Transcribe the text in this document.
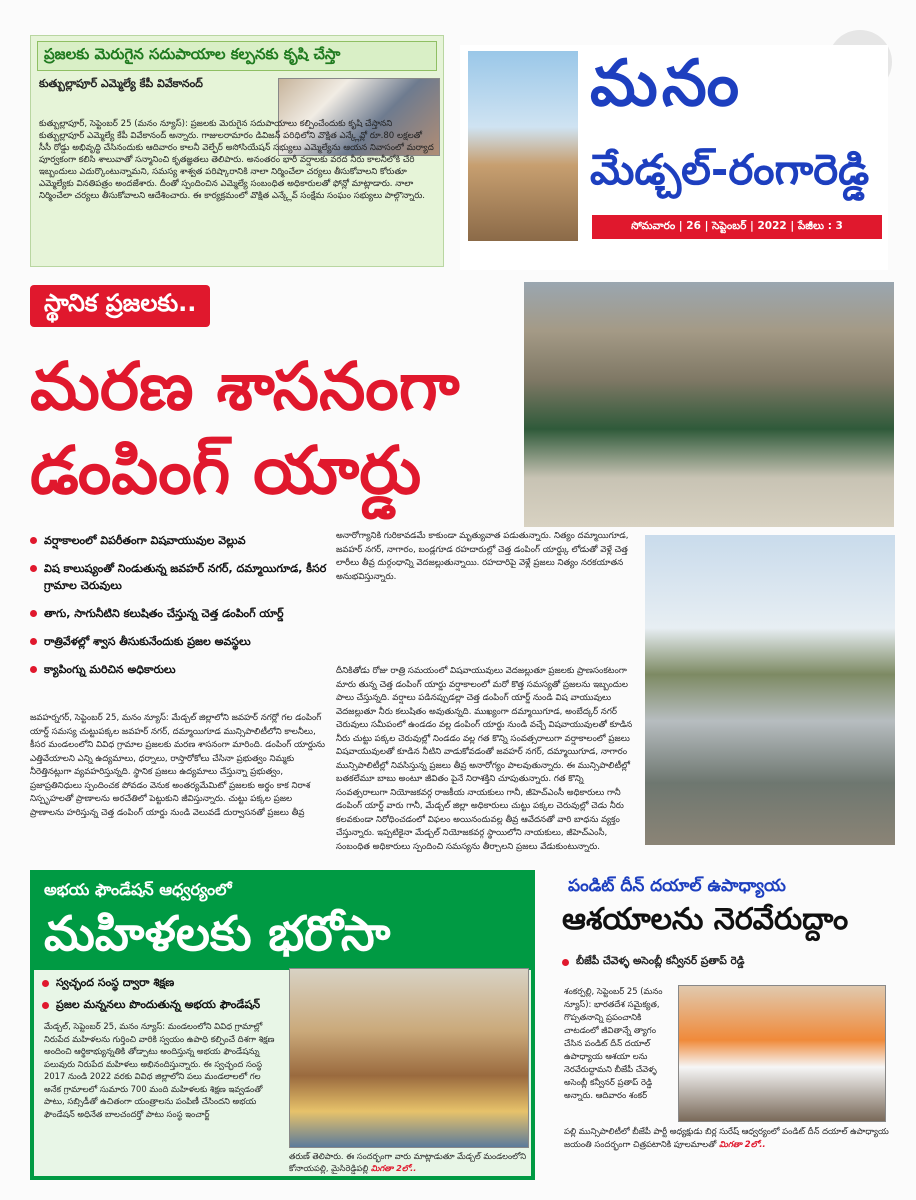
ప్రజలకు మెరుగైన సదుపాయాల కల్పనకు కృషి చేస్తా
కుత్బుల్లాపూర్ ఎమ్మెల్యే కేపీ వివేకానంద్
కుత్బుల్లాపూర్, సెప్టెంబర్ 25 (మనం న్యూస్): ప్రజలకు మెరుగైన సదుపాయాలు కల్పించేందుకు కృషి చేస్తానని కుత్బుల్లాపూర్ ఎమ్మెల్యే కేపీ వివేకానంద్ అన్నారు. గాజులరామారం డివిజన్ పరిధిలోని వొక్షిత ఎన్క్లేవ్లో రూ.80 లక్షలతో సీసీ రోడ్డు అభివృద్ధి చేసినందుకు ఆదివారం కాలనీ వెల్ఫేర్ అసోసియేషన్ సభ్యులు ఎమ్మెల్యేను ఆయన నివాసంలో మర్యాద పూర్వకంగా కలిసి శాలువాతో సన్మానించి కృతజ్ఞతలు తెలిపారు. అనంతరం భారీ వర్షాలకు వరద నీరు కాలనీలోకి చేరి ఇబ్బందులు ఎదుర్కొంటున్నామని, సమస్య శాశ్వత పరిష్కారానికి నాలా నిర్మించేలా చర్యలు తీసుకోవాలని కోరుతూ ఎమ్మెల్యేకు వినతిపత్రం అందజేశారు. దీంతో స్పందించిన ఎమ్మెల్యే సంబంధిత అధికారులతో ఫోన్లో మాట్లాడారు. నాలా నిర్మించేలా చర్యలు తీసుకోవాలని ఆదేశించారు. ఈ కార్యక్రమంలో వొక్షిత ఎన్క్లేవ్ సంక్షేమ సంఘం సభ్యులు పాల్గొన్నారు.
మనం
మేడ్చల్-రంగారెడ్డి
సోమవారం | 26 | సెప్టెంబర్ | 2022 | పేజీలు : 3
స్థానిక ప్రజలకు..
మరణ శాసనంగా
డంపింగ్ యార్డు
వర్షాకాలంలో విపరీతంగా విషవాయువుల వెల్లువ
విష కాలుష్యంతో నిండుతున్న జవహర్ నగర్, దమ్మాయిగూడ, కీసర గ్రామాల చెరువులు
తాగు, సాగునీటిని కలుషితం చేస్తున్న చెత్త డంపింగ్ యార్డ్
రాత్రివేళల్లో శ్వాస తీసుకునేందుకు ప్రజల అవస్థలు
క్యాపింగ్ను మరిచిన అధికారులు
జవహర్నగర్, సెప్టెంబర్ 25, మనం న్యూస్: మేడ్చల్ జిల్లాలోని జవహర్ నగర్లో గల డంపింగ్ యార్డ్ సమస్య చుట్టుపక్కల జవహర్ నగర్, దమ్మాయిగూడ మున్సిపాలిటీలోని కాలనీలు, కీసర మండలంలోని వివిధ గ్రామాల ప్రజలకు మరణ శాసనంగా మారింది. డంపింగ్ యార్డును ఎత్తివేయాలని ఎన్ని ఉద్యమాలు, ధర్నాలు, రాస్తారోకోలు చేసినా ప్రభుత్వం నిమ్మకు నీరెత్తినట్లుగా వ్యవహరిస్తున్నది. స్థానిక ప్రజలు ఉద్యమాలు చేస్తున్నా ప్రభుత్వం, ప్రజాప్రతినిధులు స్పందించక పోవడం వెనుక అంతర్యమేమిటో ప్రజలకు అర్థం కాక నిరాశ నిస్పృహలతో ప్రాణాలను అరచేతిలో పెట్టుకుని జీవిస్తున్నారు. చుట్టు పక్కల ప్రజల ప్రాణాలను హరిస్తున్న చెత్త డంపింగ్ యార్డు నుండి వెలువడే దుర్వాసనతో ప్రజలు తీవ్ర
అనారోగ్యానికి గురికావడమే కాకుండా మృత్యువాత పడుతున్నారు. నిత్యం దమ్మాయిగూడ, జవహర్ నగర్, నాగారం, బండ్లగూడ రహదారుల్లో చెత్త డంపింగ్ యార్డ్కు లోడుతో వెళ్లే చెత్త లారీలు తీవ్ర దుర్గంధాన్ని వెదజల్లుతున్నాయి. రహదారిపై వెళ్లే ప్రజలు నిత్యం నరకయాతన అనుభవిస్తున్నారు.
దీనికితోడు రోజు రాత్రి సమయంలో విషవాయువులు వెదజల్లుతూ ప్రజలకు ప్రాణసంకటంగా మారు తున్న చెత్త డంపింగ్ యార్డు వర్షాకాలంలో మరో కొత్త సమస్యతో ప్రజలను ఇబ్బందుల పాలు చేస్తున్నది. వర్షాలు పడినప్పుడల్లా చెత్త డంపింగ్ యార్డ్ నుండి విష వాయువులు వెదజల్లుతూ నీరు కలుషితం అవుతున్నది. ముఖ్యంగా దమ్మాయిగూడ, అంబేద్కర్ నగర్ చెరువులు సమీపంలో ఉండడం వల్ల డంపింగ్ యార్డు నుండి వచ్చే విషవాయువులతో కూడిన నీరు చుట్టు పక్కల చెరువుల్లో నిండడం వల్ల గత కొన్ని సంవత్సరాలుగా వర్షాకాలంలో ప్రజలు విషవాయువులతో కూడిన నీటిని వాడుకోవడంతో జవహర్ నగర్, దమ్మాయిగూడ, నాగారం మున్సిపాలిటీల్లో నివసిస్తున్న ప్రజలు తీవ్ర అనారోగ్యం పాలవుతున్నారు. ఈ మున్సిపాలిటీల్లో బతకలేమూ బాబు అంటూ జీవితం పైనే నిరాశక్తిని చూపుతున్నారు. గత కొన్ని సంవత్సరాలుగా నియోజకవర్గ రాజకీయ నాయకులు గానీ, జీహెచ్ఎంసీ అధికారులు గానీ డంపింగ్ యార్డ్ వారు గానీ, మేడ్చల్ జిల్లా అధికారులు చుట్టు పక్కల చెరువుల్లో చెడు నీరు కలవకుండా నిరోధించడంలో విఫలం అయినందువల్ల తీవ్ర ఆవేదనతో వారి బాధను వ్యక్తం చేస్తున్నారు. ఇప్పటికైనా మేడ్చల్ నియోజకవర్గ స్థాయిలోని నాయకులు, జీహెచ్ఎంసీ, సంబంధిత అధికారులు స్పందించి సమస్యను తీర్చాలని ప్రజలు వేడుకుంటున్నారు.
అభయ ఫౌండేషన్ ఆధ్వర్యంలో
మహిళలకు భరోసా
స్వచ్ఛంద సంస్థ ద్వారా శిక్షణ
ప్రజల మన్ననలు పొందుతున్న అభయ ఫౌండేషన్
మేడ్చల్, సెప్టెంబర్ 25, మనం న్యూస్: మండలంలోని వివిధ గ్రామాల్లో నిరుపేద మహిళలను గుర్తించి వారికి స్వయం ఉపాధి కల్పించే దిశగా శిక్షణ అందించి ఆర్థికాభ్యున్నతికి తోడ్పాటు అందిస్తున్న అభయ ఫౌండేషన్ను పలువురు నిరుపేద మహిళలు అభినందిస్తున్నారు. ఈ స్వచ్ఛంద సంస్థ 2017 నుండి 2022 వరకు వివిధ జిల్లాలోని పలు మండలాలలో గల అనేక గ్రామాలలో సుమారు 700 మంది మహిళలకు శిక్షణ ఇవ్వడంతో పాటు, సబ్సిడీతో ఉచితంగా యంత్రాలను పంపిణీ చేసిందని అభయ ఫౌండేషన్ అధినేత బాలచందర్తో పాటు సంస్థ ఇంచార్జ్
తరుణ్ తెలిపారు. ఈ సందర్భంగా వారు మాట్లాడుతూ మేడ్చల్ మండలంలోని కోనాయపల్లి, మైసిరెడ్డిపల్లి మిగతా 2లో..
పండిట్ దీన్ దయాల్ ఉపాధ్యాయ
ఆశయాలను నెరవేరుద్దాం
బీజేపీ చేవెళ్ళ అసెంబ్లీ కన్వీనర్ ప్రతాప్ రెడ్డి
శంకర్పల్లి, సెప్టెంబర్ 25 (మనం న్యూస్): భారతదేశ సమైక్యత, గొప్పతనాన్ని ప్రపంచానికి చాటడంలో జీవితాన్నే త్యాగం చేసిన పండిట్ దీన్ దయాల్ ఉపాధ్యాయ ఆశయా లను నెరవేరుద్దామని బీజేపీ చేవెళ్ళ అసెంబ్లీ కన్వీనర్ ప్రతాప్ రెడ్డి అన్నారు. ఆదివారం శంకర్
పల్లి మున్సిపాలిటీలో బీజేపీ పార్టీ అధ్యక్షుడు బిర్ల సురేష్ ఆధ్వర్యంలో పండిట్ దీన్ దయాల్ ఉపాధ్యాయ జయంతి సందర్భంగా చిత్రపటానికి పూలమాలతో మిగతా 2లో..
